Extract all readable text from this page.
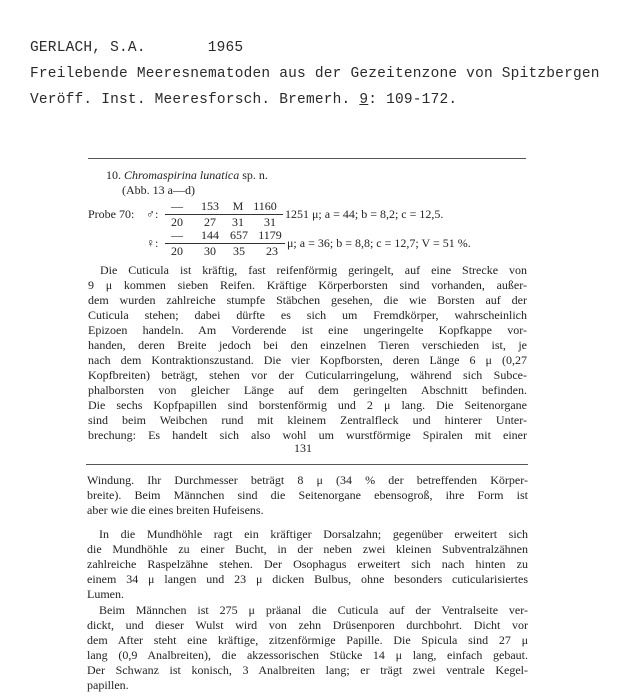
GERLACH, S.A.	1965
Freilebende Meeresnematoden aus der Gezeitenzone von Spitzbergen
Veröff. Inst. Meeresforsch. Bremerh. 9: 109-172.
10. Chromaspirina lunatica sp. n.
(Abb. 13 a—d)
Probe 70: ♂:
—	153	M 1160
20	27	31	31
1251 μ; a = 44; b = 8,2; c = 12,5.
♀:
—	144 657 1179
20	30	35	23
μ; a = 36; b = 8,8; c = 12,7; V = 51 %.
Die Cuticula ist kräftig, fast reifenförmig geringelt, auf eine Strecke von
9 μ kommen sieben Reifen. Kräftige Körperborsten sind vorhanden, außer-
dem wurden zahlreiche stumpfe Stäbchen gesehen, die wie Borsten auf der
Cuticula stehen; dabei dürfte es sich um Fremdkörper, wahrscheinlich
Epizoen handeln. Am Vorderende ist eine ungeringelte Kopfkappe vor-
handen, deren Breite jedoch bei den einzelnen Tieren verschieden ist, je
nach dem Kontraktionszustand. Die vier Kopfborsten, deren Länge 6 μ (0,27
Kopfbreiten) beträgt, stehen vor der Cuticularringelung, während sich Subce-
phalborsten von gleicher Länge auf dem geringelten Abschnitt befinden.
Die sechs Kopfpapillen sind borstenförmig und 2 μ lang. Die Seitenorgane
sind beim Weibchen rund mit kleinem Zentralfleck und hinterer Unter-
brechung: Es handelt sich also wohl um wurstförmige Spiralen mit einer
131
Windung. Ihr Durchmesser beträgt 8 μ (34 % der betreffenden Körper-
breite). Beim Männchen sind die Seitenorgane ebensogroß, ihre Form ist
aber wie die eines breiten Hufeisens.
In die Mundhöhle ragt ein kräftiger Dorsalzahn; gegenüber erweitert sich
die Mundhöhle zu einer Bucht, in der neben zwei kleinen Subventralzähnen
zahlreiche Raspelzähne stehen. Der Osophagus erweitert sich nach hinten zu
einem 34 μ langen und 23 μ dicken Bulbus, ohne besonders cuticularisiertes
Lumen.
Beim Männchen ist 275 μ präanal die Cuticula auf der Ventralseite ver-
dickt, und dieser Wulst wird von zehn Drüsenporen durchbohrt. Dicht vor
dem After steht eine kräftige, zitzenförmige Papille. Die Spicula sind 27 μ
lang (0,9 Analbreiten), die akzessorischen Stücke 14 μ lang, einfach gebaut.
Der Schwanz ist konisch, 3 Analbreiten lang; er trägt zwei ventrale Kegel-
papillen.
